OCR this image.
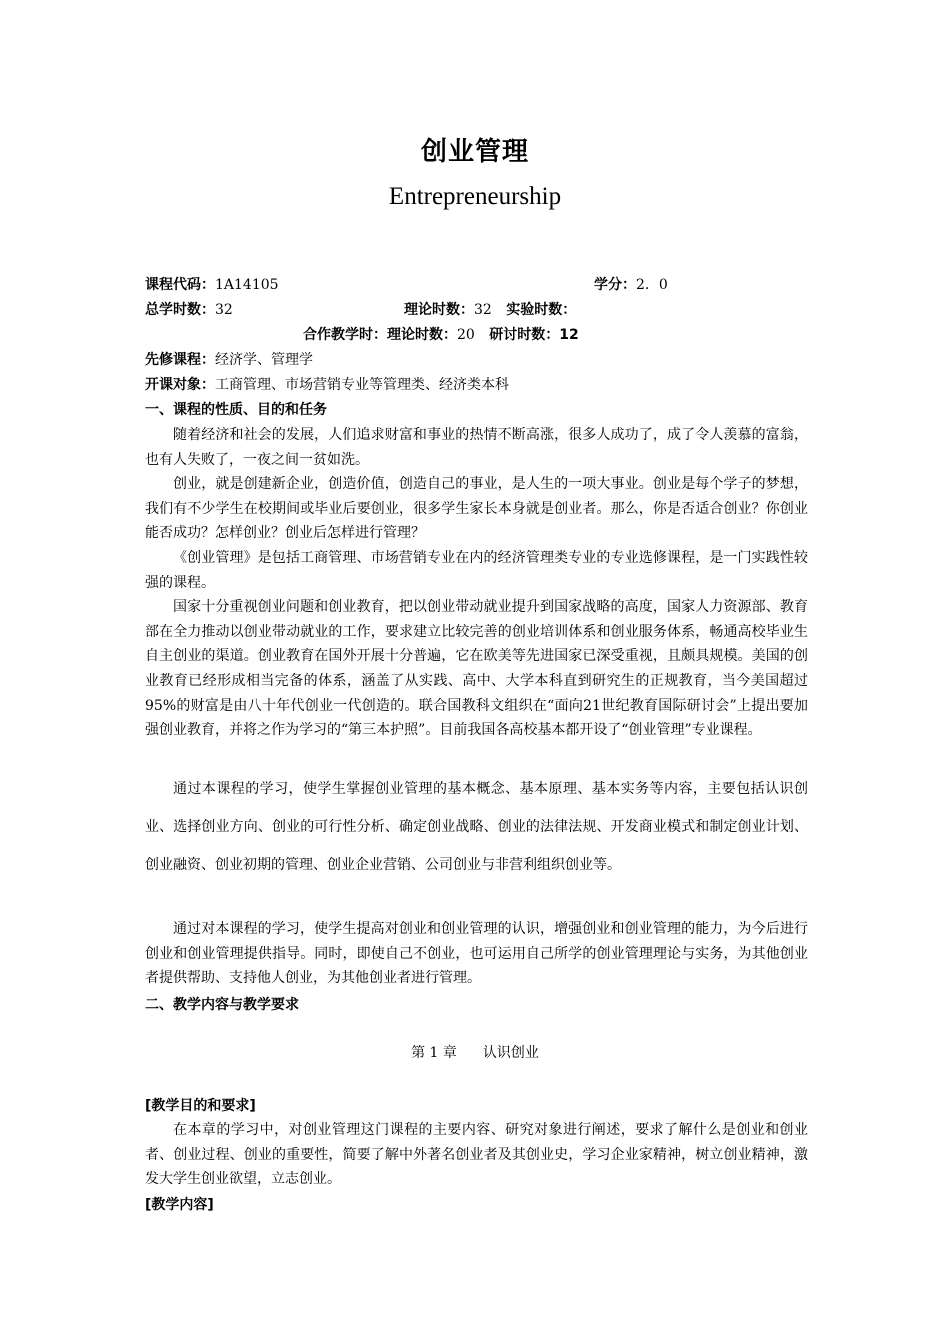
创业管理
Entrepreneurship
课程代码：1A14105	学分：2．0
总学时数：32	理论时数：32 实验时数：
合作教学时：理论时数：20 研讨时数：12
先修课程：经济学、管理学
开课对象：工商管理、市场营销专业等管理类、经济类本科
一、课程的性质、目的和任务

随着经济和社会的发展，人们追求财富和事业的热情不断高涨，很多人成功了，成了令人羡慕的富翁，也有人失败了，一夜之间一贫如洗。

创业，就是创建新企业，创造价值，创造自己的事业，是人生的一项大事业。创业是每个学子的梦想，我们有不少学生在校期间或毕业后要创业，很多学生家长本身就是创业者。那么，你是否适合创业？你创业能否成功？怎样创业？创业后怎样进行管理？

《创业管理》是包括工商管理、市场营销专业在内的经济管理类专业的专业选修课程，是一门实践性较强的课程。

国家十分重视创业问题和创业教育，把以创业带动就业提升到国家战略的高度，国家人力资源部、教育部在全力推动以创业带动就业的工作，要求建立比较完善的创业培训体系和创业服务体系，畅通高校毕业生自主创业的渠道。创业教育在国外开展十分普遍，它在欧美等先进国家已深受重视，且颇具规模。美国的创业教育已经形成相当完备的体系，涵盖了从实践、高中、大学本科直到研究生的正规教育，当今美国超过95%的财富是由八十年代创业一代创造的。联合国教科文组织在“面向21世纪教育国际研讨会”上提出要加强创业教育，并将之作为学习的“第三本护照”。目前我国各高校基本都开设了“创业管理”专业课程。

通过本课程的学习，使学生掌握创业管理的基本概念、基本原理、基本实务等内容，主要包括认识创业、选择创业方向、创业的可行性分析、确定创业战略、创业的法律法规、开发商业模式和制定创业计划、创业融资、创业初期的管理、创业企业营销、公司创业与非营利组织创业等。

通过对本课程的学习，使学生提高对创业和创业管理的认识，增强创业和创业管理的能力，为今后进行创业和创业管理提供指导。同时，即使自己不创业，也可运用自己所学的创业管理理论与实务，为其他创业者提供帮助、支持他人创业，为其他创业者进行管理。

二、教学内容与教学要求
第 1 章 认识创业
[教学目的和要求]

在本章的学习中，对创业管理这门课程的主要内容、研究对象进行阐述，要求了解什么是创业和创业者、创业过程、创业的重要性，简要了解中外著名创业者及其创业史，学习企业家精神，树立创业精神，激发大学生创业欲望，立志创业。

[教学内容]
